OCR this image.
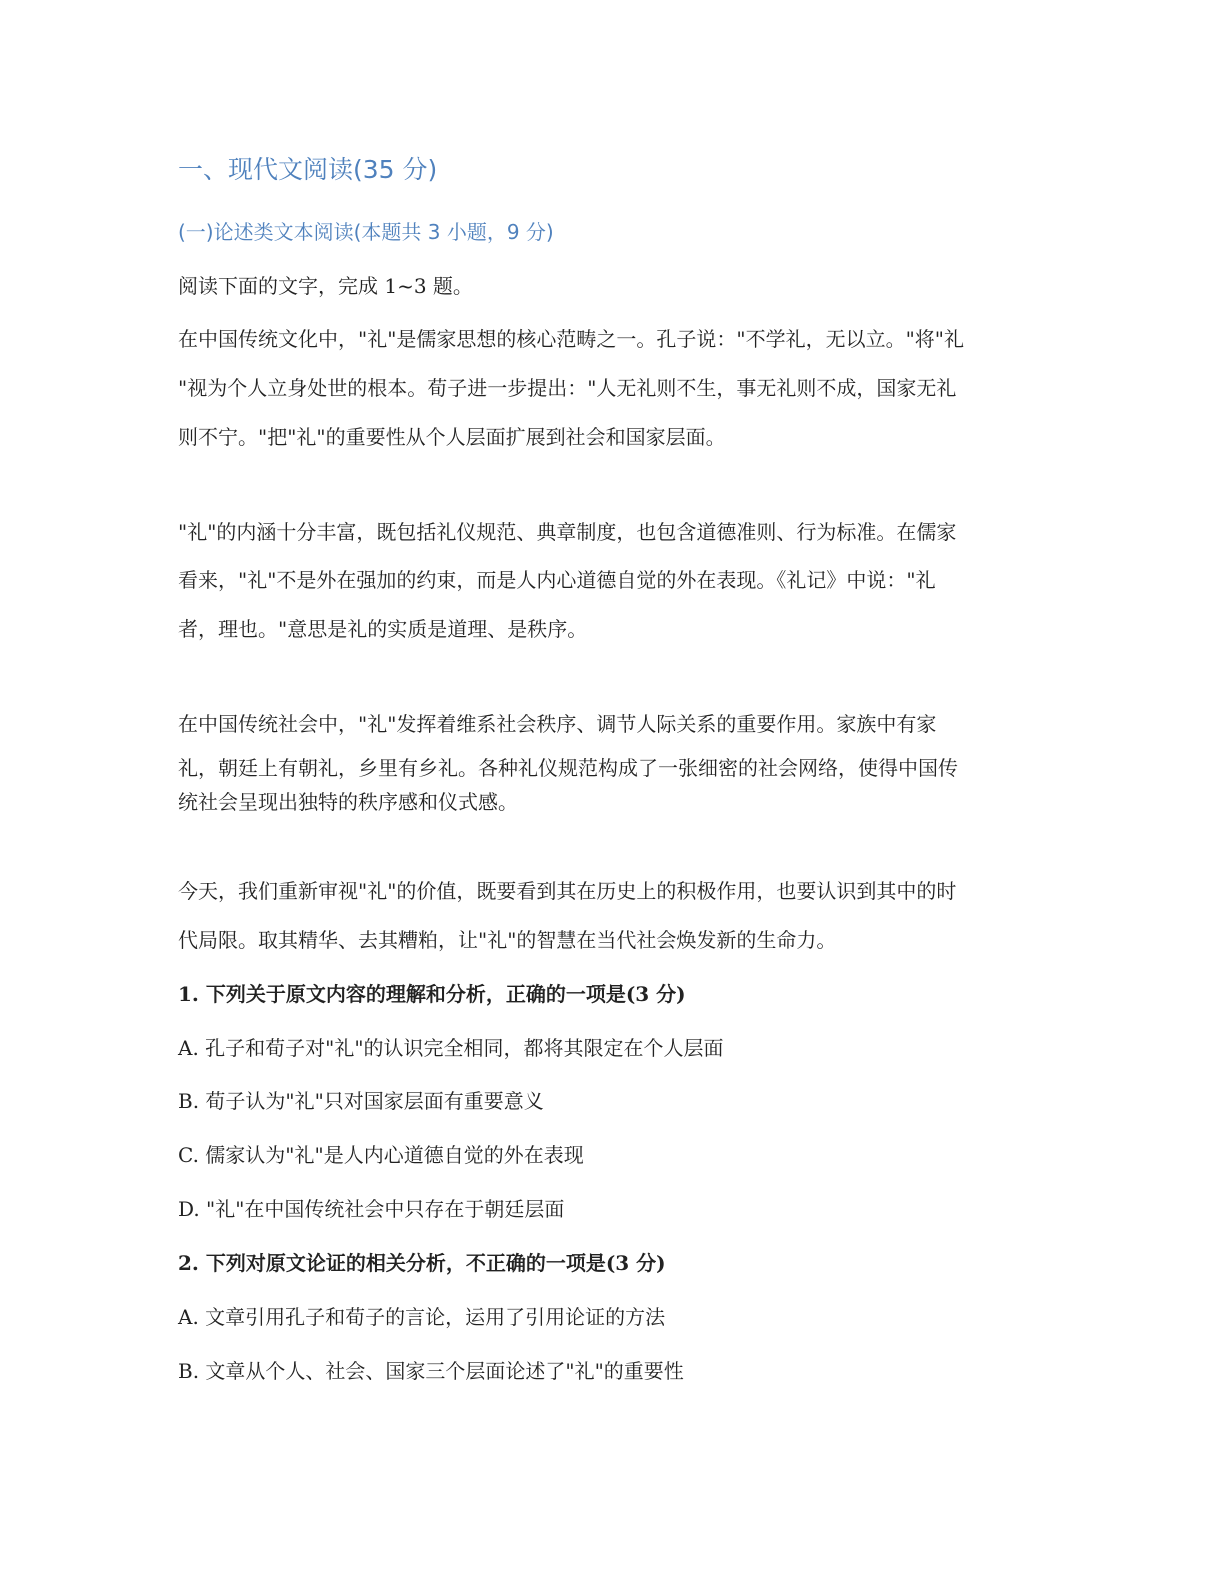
一、现代文阅读(35 分)
(一)论述类文本阅读(本题共 3 小题，9 分)
阅读下面的文字，完成 1~3 题。
在中国传统文化中，"礼"是儒家思想的核心范畴之一。孔子说："不学礼，无以立。"将"礼
"视为个人立身处世的根本。荀子进一步提出："人无礼则不生，事无礼则不成，国家无礼
则不宁。"把"礼"的重要性从个人层面扩展到社会和国家层面。
"礼"的内涵十分丰富，既包括礼仪规范、典章制度，也包含道德准则、行为标准。在儒家
看来，"礼"不是外在强加的约束，而是人内心道德自觉的外在表现。《礼记》中说："礼
者，理也。"意思是礼的实质是道理、是秩序。
在中国传统社会中，"礼"发挥着维系社会秩序、调节人际关系的重要作用。家族中有家
礼，朝廷上有朝礼，乡里有乡礼。各种礼仪规范构成了一张细密的社会网络，使得中国传
统社会呈现出独特的秩序感和仪式感。
今天，我们重新审视"礼"的价值，既要看到其在历史上的积极作用，也要认识到其中的时
代局限。取其精华、去其糟粕，让"礼"的智慧在当代社会焕发新的生命力。
1. 下列关于原文内容的理解和分析，正确的一项是(3 分)
A. 孔子和荀子对"礼"的认识完全相同，都将其限定在个人层面
B. 荀子认为"礼"只对国家层面有重要意义
C. 儒家认为"礼"是人内心道德自觉的外在表现
D. "礼"在中国传统社会中只存在于朝廷层面
2. 下列对原文论证的相关分析，不正确的一项是(3 分)
A. 文章引用孔子和荀子的言论，运用了引用论证的方法
B. 文章从个人、社会、国家三个层面论述了"礼"的重要性
